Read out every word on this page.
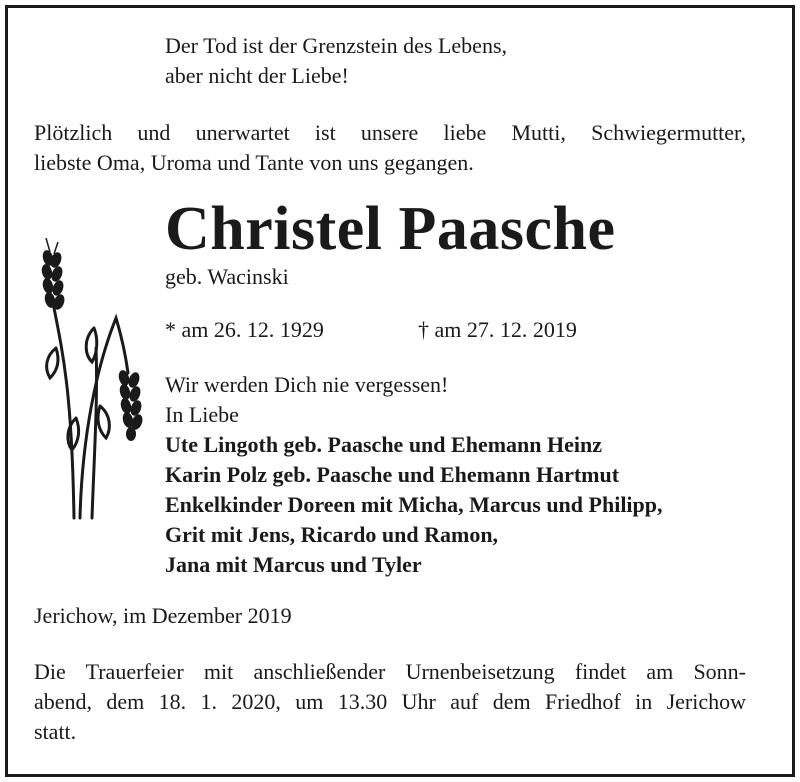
Der Tod ist der Grenzstein des Lebens,
aber nicht der Liebe!
Plötzlich und unerwartet ist unsere liebe Mutti, Schwiegermutter,
liebste Oma, Uroma und Tante von uns gegangen.
Christel Paasche
geb. Wacinski
* am 26. 12. 1929	† am 27. 12. 2019
Wir werden Dich nie vergessen!
In Liebe
Ute Lingoth geb. Paasche und Ehemann Heinz
Karin Polz geb. Paasche und Ehemann Hartmut
Enkelkinder Doreen mit Micha, Marcus und Philipp,
Grit mit Jens, Ricardo und Ramon,
Jana mit Marcus und Tyler
Jerichow, im Dezember 2019
Die Trauerfeier mit anschließender Urnenbeisetzung findet am Sonn-
abend, dem 18. 1. 2020, um 13.30 Uhr auf dem Friedhof in Jerichow
statt.
